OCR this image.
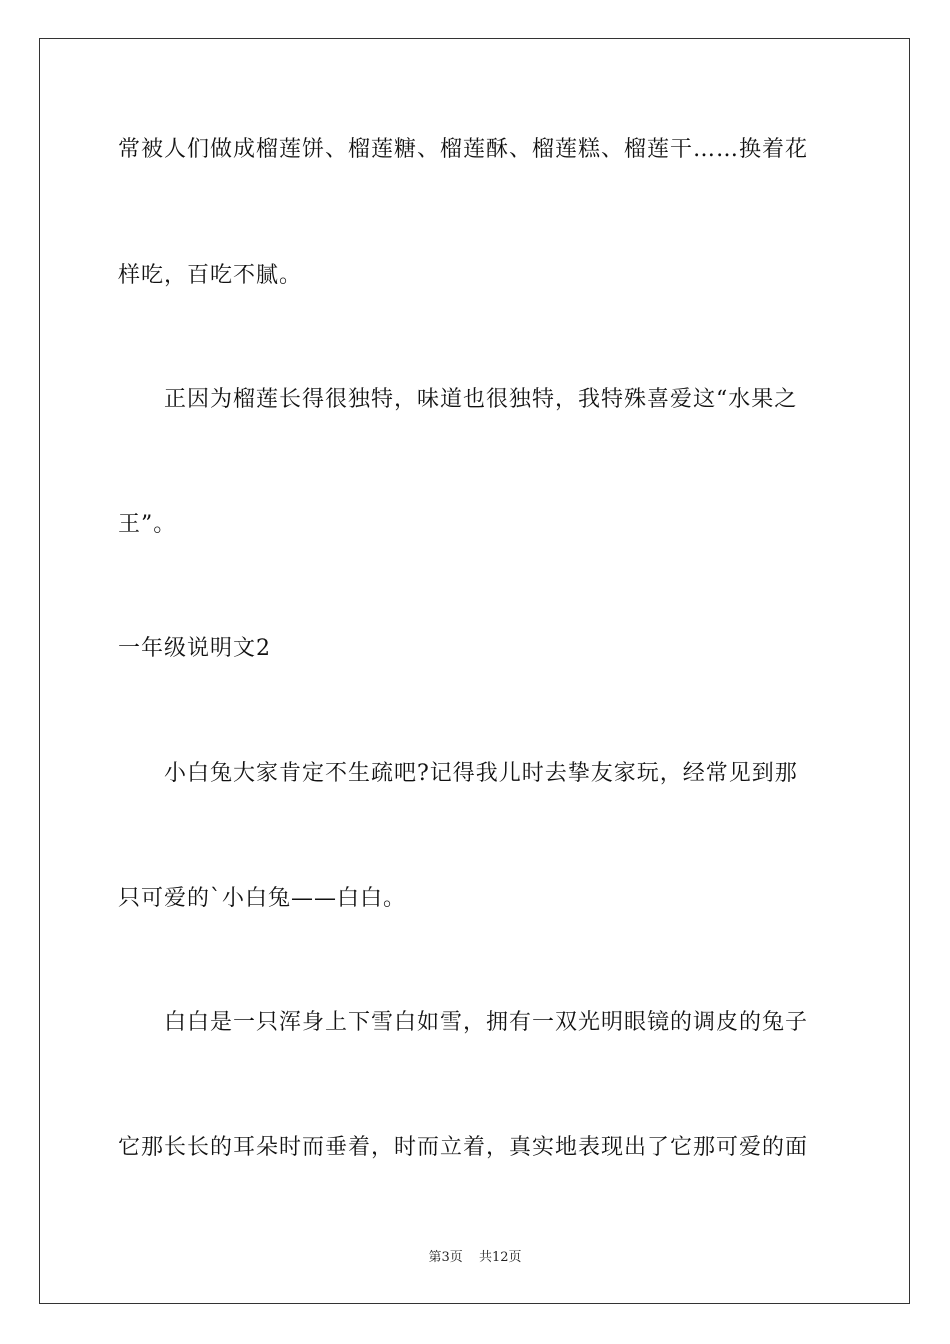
常被人们做成榴莲饼、榴莲糖、榴莲酥、榴莲糕、榴莲干……换着花
样吃，百吃不腻。
　　正因为榴莲长得很独特，味道也很独特，我特殊喜爱这“水果之
王”。
一年级说明文2
　　小白兔大家肯定不生疏吧?记得我儿时去挚友家玩，经常见到那
只可爱的`小白兔——白白。
　　白白是一只浑身上下雪白如雪，拥有一双光明眼镜的调皮的兔子
它那长长的耳朵时而垂着，时而立着，真实地表现出了它那可爱的面
第3页 共12页
